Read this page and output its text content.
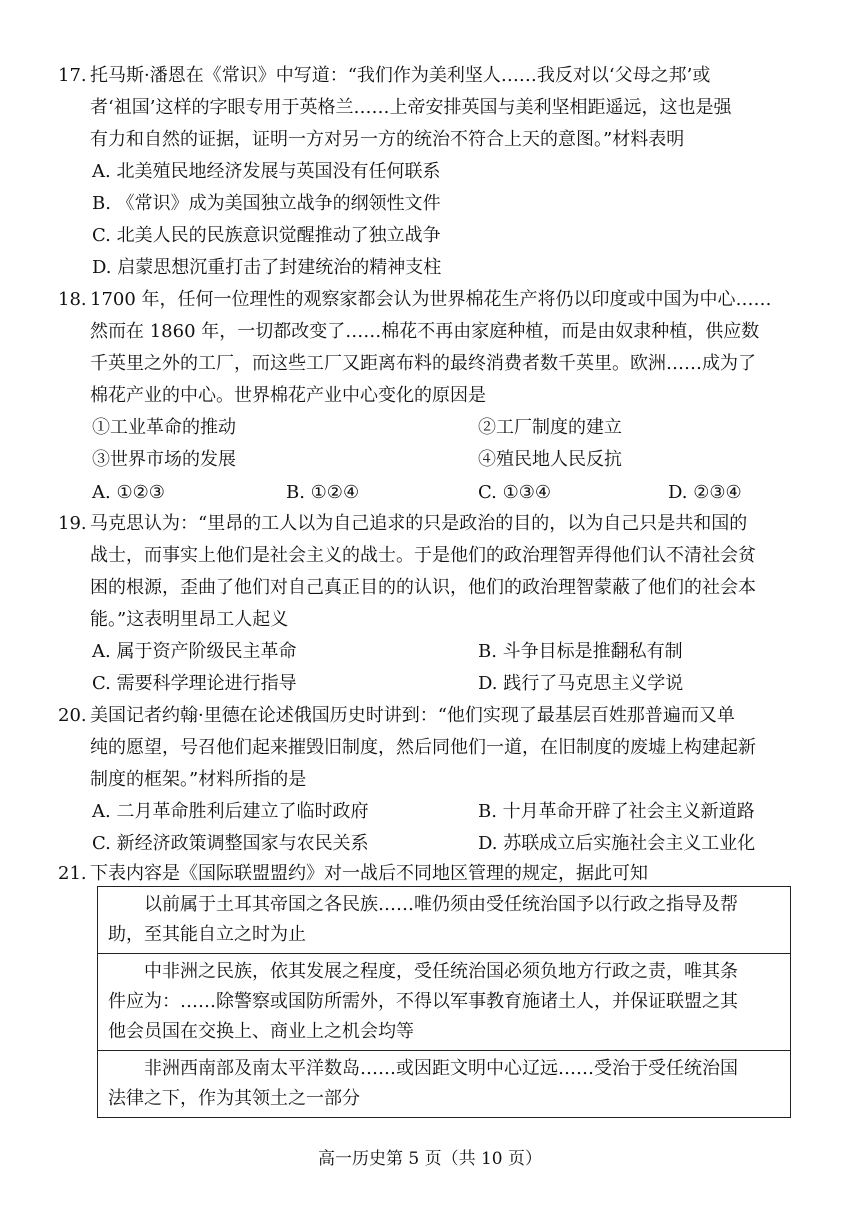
17. 托马斯·潘恩在《常识》中写道：“我们作为美利坚人……我反对以‘父母之邦’或
者‘祖国’这样的字眼专用于英格兰……上帝安排英国与美利坚相距遥远，这也是强
有力和自然的证据，证明一方对另一方的统治不符合上天的意图。”材料表明
A. 北美殖民地经济发展与英国没有任何联系
B. 《常识》成为美国独立战争的纲领性文件
C. 北美人民的民族意识觉醒推动了独立战争
D. 启蒙思想沉重打击了封建统治的精神支柱
18. 1700 年，任何一位理性的观察家都会认为世界棉花生产将仍以印度或中国为中心……
然而在 1860 年，一切都改变了……棉花不再由家庭种植，而是由奴隶种植，供应数
千英里之外的工厂，而这些工厂又距离布料的最终消费者数千英里。欧洲……成为了
棉花产业的中心。世界棉花产业中心变化的原因是
①工业革命的推动	②工厂制度的建立
③世界市场的发展	④殖民地人民反抗
A. ①②③	B. ①②④	C. ①③④	D. ②③④
19. 马克思认为：“里昂的工人以为自己追求的只是政治的目的，以为自己只是共和国的
战士，而事实上他们是社会主义的战士。于是他们的政治理智弄得他们认不清社会贫
困的根源，歪曲了他们对自己真正目的的认识，他们的政治理智蒙蔽了他们的社会本
能。”这表明里昂工人起义
A. 属于资产阶级民主革命	B. 斗争目标是推翻私有制
C. 需要科学理论进行指导	D. 践行了马克思主义学说
20. 美国记者约翰·里德在论述俄国历史时讲到：“他们实现了最基层百姓那普遍而又单
纯的愿望，号召他们起来摧毁旧制度，然后同他们一道，在旧制度的废墟上构建起新
制度的框架。”材料所指的是
A. 二月革命胜利后建立了临时政府	B. 十月革命开辟了社会主义新道路
C. 新经济政策调整国家与农民关系	D. 苏联成立后实施社会主义工业化
21. 下表内容是《国际联盟盟约》对一战后不同地区管理的规定，据此可知
以前属于土耳其帝国之各民族……唯仍须由受任统治国予以行政之指导及帮
助，至其能自立之时为止

中非洲之民族，依其发展之程度，受任统治国必须负地方行政之责，唯其条
件应为：……除警察或国防所需外，不得以军事教育施诸土人，并保证联盟之其
他会员国在交换上、商业上之机会均等

非洲西南部及南太平洋数岛……或因距文明中心辽远……受治于受任统治国
法律之下，作为其领土之一部分
高一历史第 5 页（共 10 页）
